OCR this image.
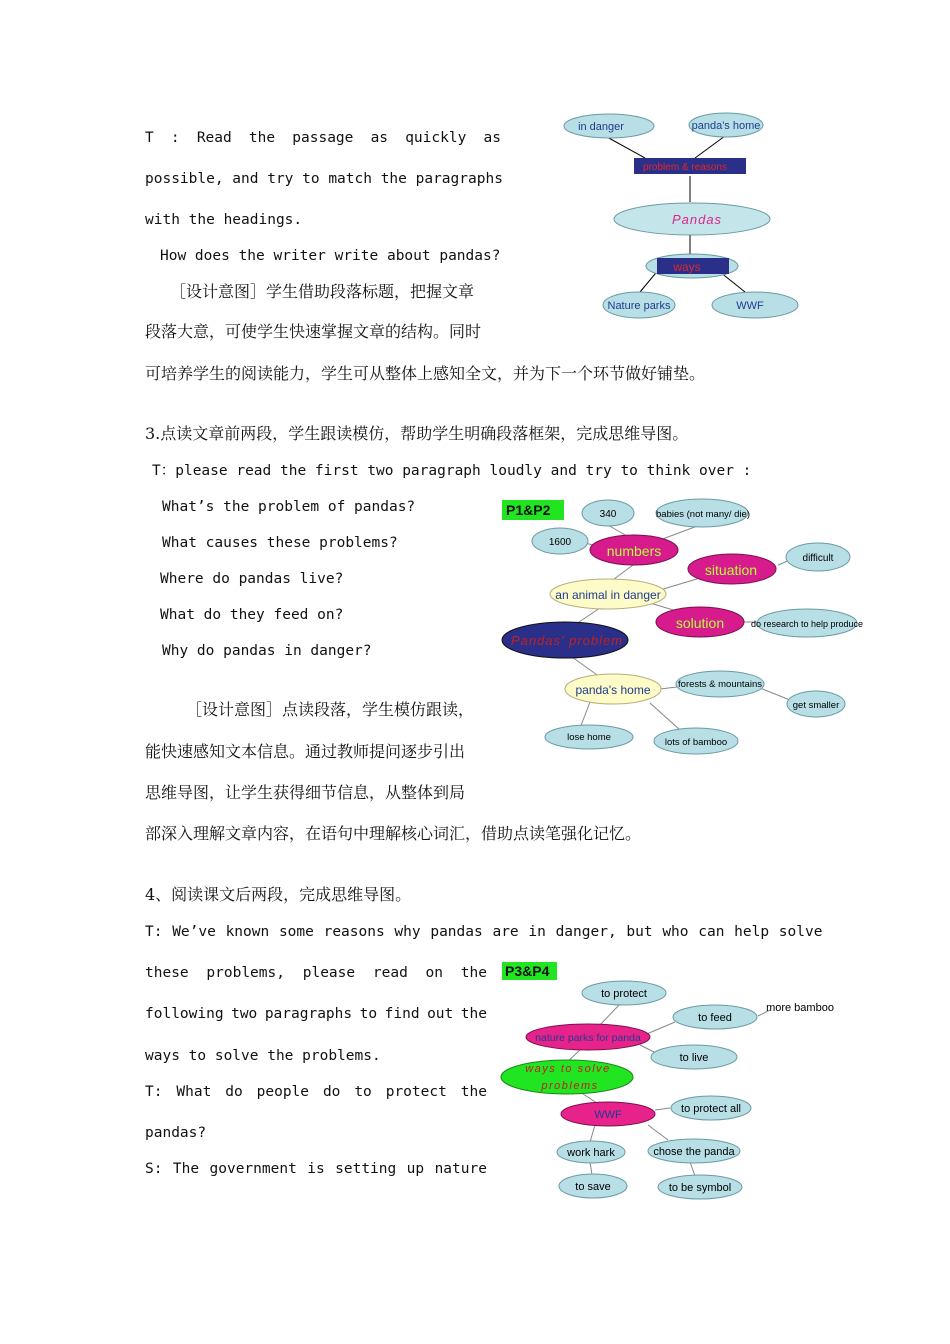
T : Read the passage as quickly as
possible, and try to match the paragraphs
with the headings.
How does the writer write about pandas?
［设计意图］学生借助段落标题，把握文章
段落大意，可使学生快速掌握文章的结构。同时
可培养学生的阅读能力，学生可从整体上感知全文，并为下一个环节做好铺垫。
3.点读文章前两段，学生跟读模仿，帮助学生明确段落框架，完成思维导图。
T：please read the first two paragraph loudly and try to think over :
What’s the problem of pandas?
What causes these problems?
Where do pandas live?
What do they feed on?
Why do pandas in danger?
［设计意图］点读段落，学生模仿跟读，
能快速感知文本信息。通过教师提问逐步引出
思维导图，让学生获得细节信息，从整体到局
部深入理解文章内容，在语句中理解核心词汇，借助点读笔强化记忆。
4、阅读课文后两段，完成思维导图。
T: We’ve known some reasons why pandas are in danger, but who can help solve
these problems, please read on the
following two paragraphs to find out the
ways to solve the problems.
T: What do people do to protect the
pandas?
S: The government is setting up nature
in danger	panda's home
problem & reasons
Pandas
ways
Nature parks	WWF
P1&P2	340	babies (not many/ die)
1600
numbers
situation
difficult
an animal in danger
solution	do research to help produce
Pandas' problem
panda's home	forests & mountains
get smaller
lose home	lots of bamboo
P3&P4
to protect
to feed
more bamboo
nature parks for panda
to live
ways to solve
problems
WWF	to protect all
work hark	chose the panda
to save	to be symbol
